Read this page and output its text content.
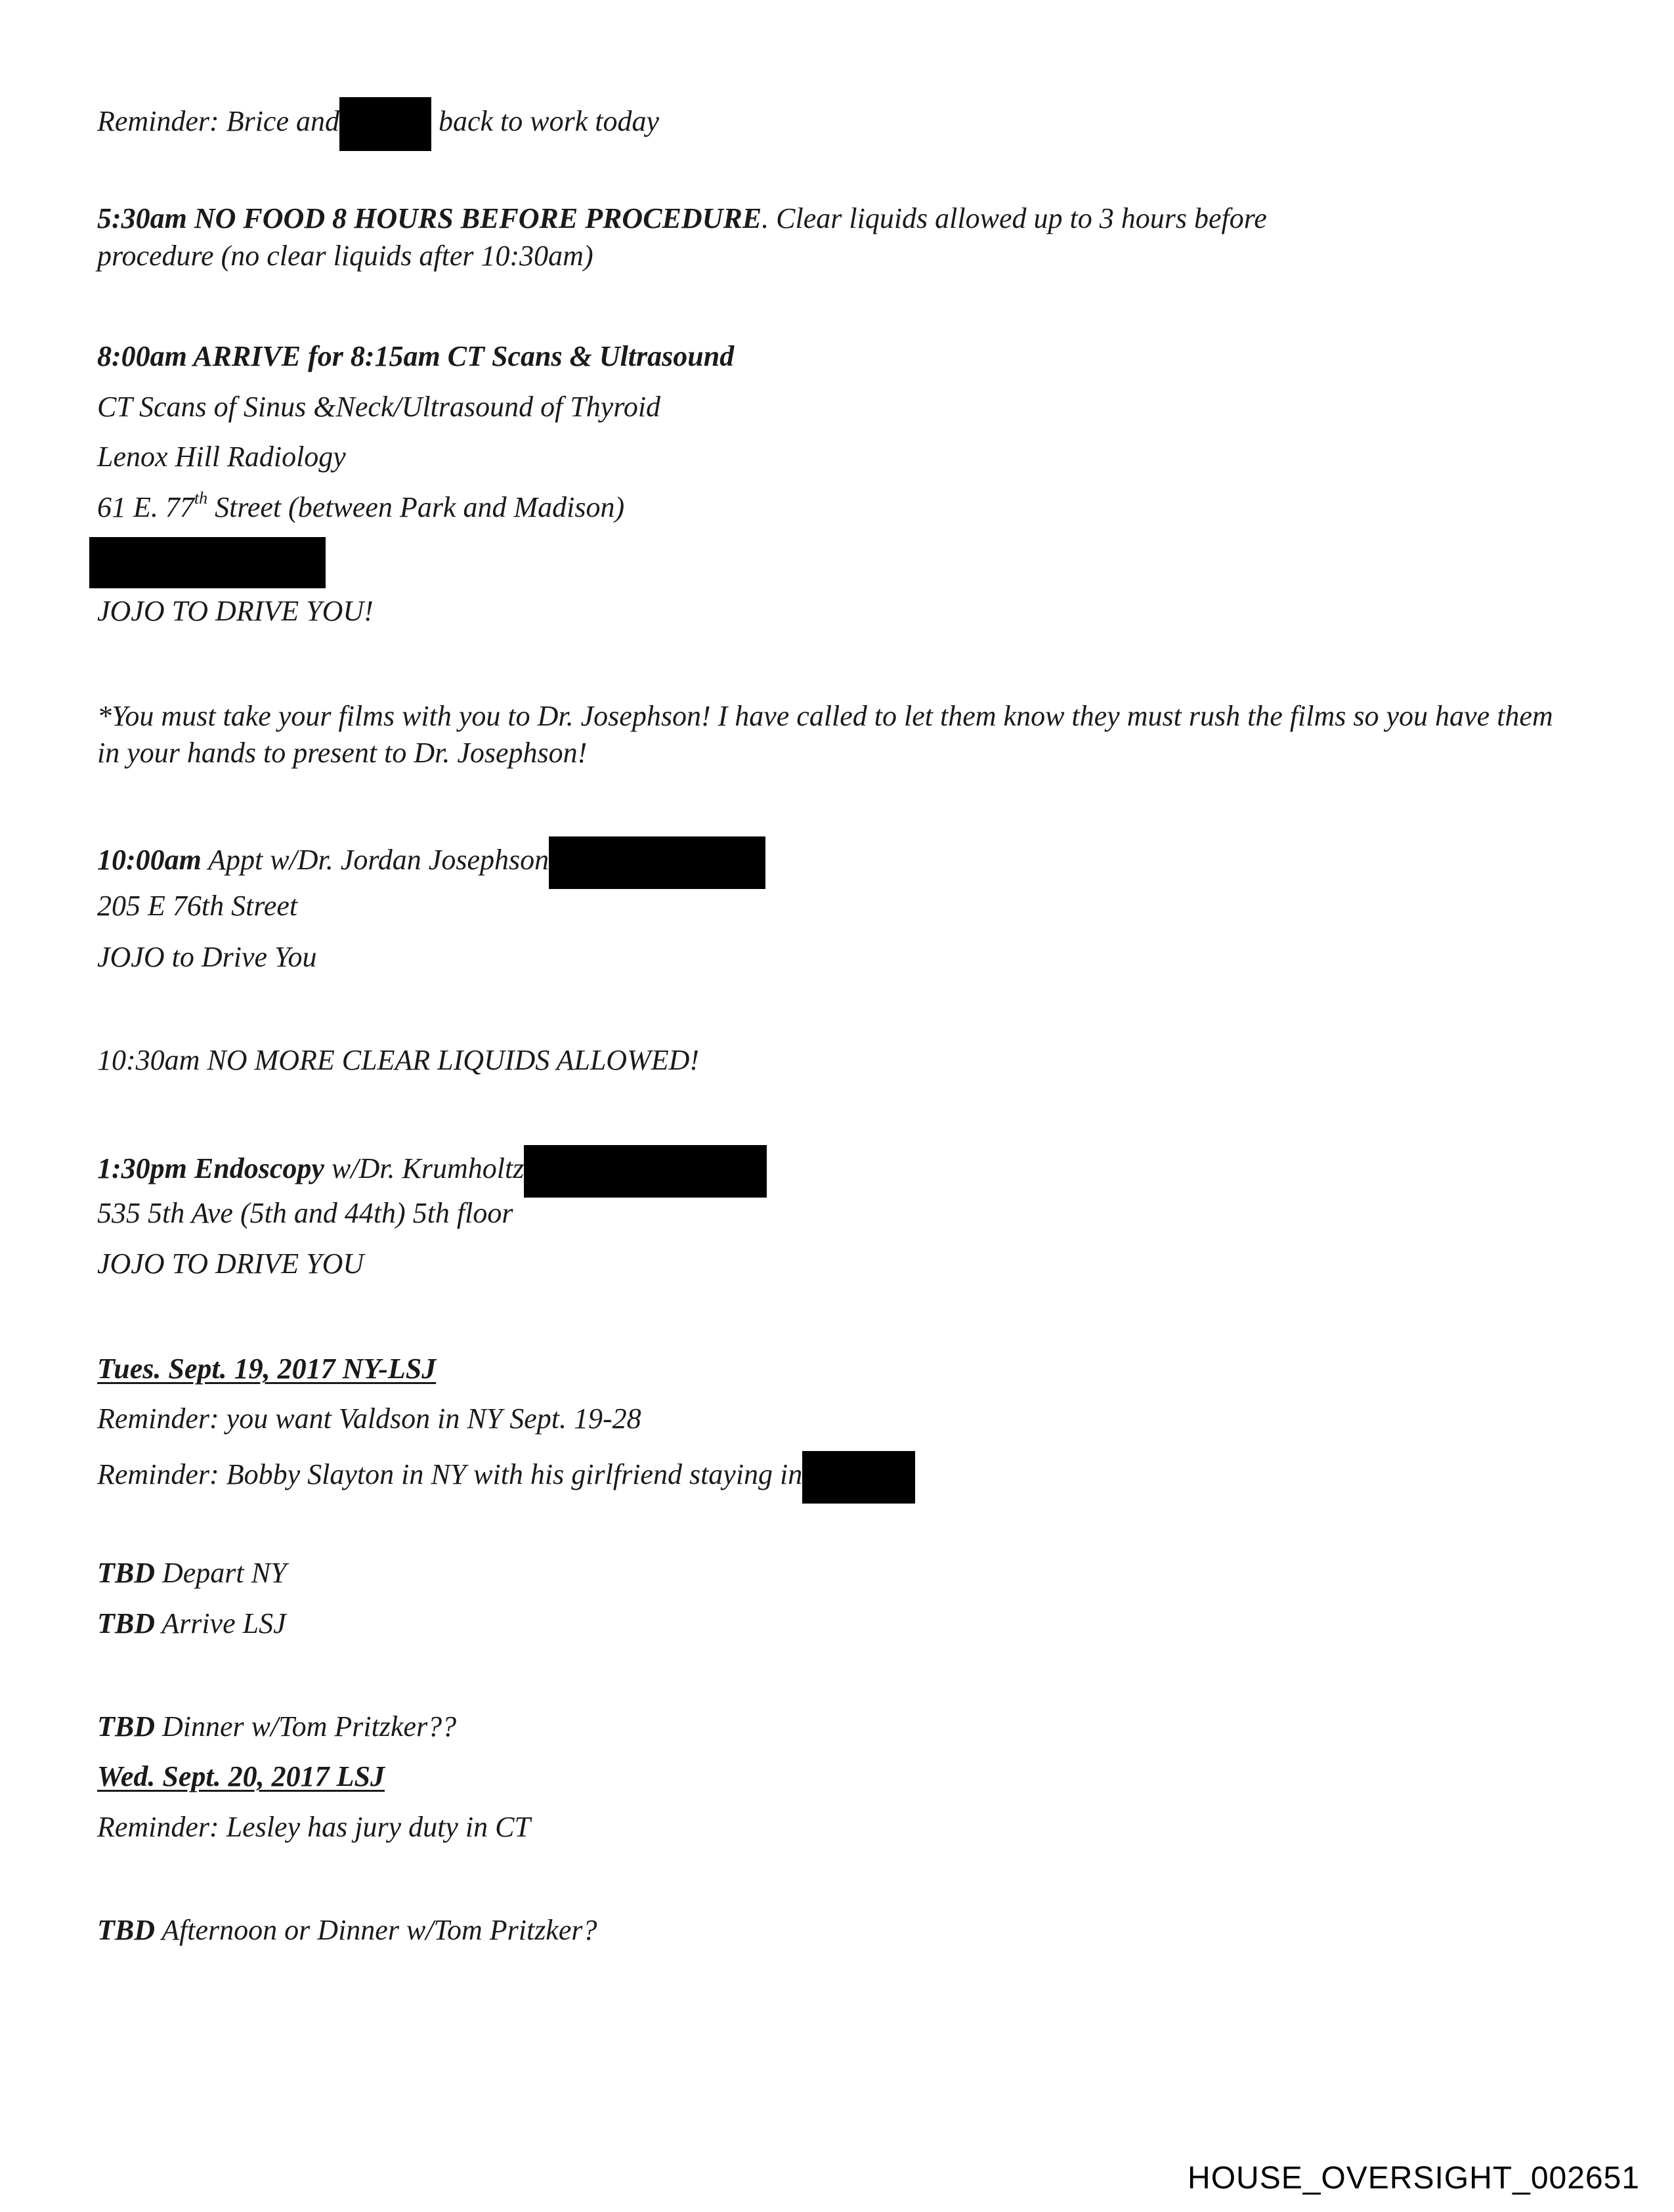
Reminder: Brice and	back to work today
5:30am NO FOOD 8 HOURS BEFORE PROCEDURE. Clear liquids allowed up to 3 hours before
procedure (no clear liquids after 10:30am)
8:00am ARRIVE for 8:15am CT Scans & Ultrasound
CT Scans of Sinus &Neck/Ultrasound of Thyroid
Lenox Hill Radiology
61 E. 77th Street (between Park and Madison)
JOJO TO DRIVE YOU!
*You must take your films with you to Dr. Josephson! I have called to let them know they must rush the films so you have them in your hands to present to Dr. Josephson!
10:00am Appt w/Dr. Jordan Josephson
205 E 76th Street
JOJO to Drive You
10:30am NO MORE CLEAR LIQUIDS ALLOWED!
1:30pm Endoscopy w/Dr. Krumholtz
535 5th Ave (5th and 44th) 5th floor
JOJO TO DRIVE YOU
Tues. Sept. 19, 2017 NY-LSJ
Reminder: you want Valdson in NY Sept. 19-28
Reminder: Bobby Slayton in NY with his girlfriend staying in
TBD Depart NY
TBD Arrive LSJ
TBD Dinner w/Tom Pritzker??
Wed. Sept. 20, 2017 LSJ
Reminder: Lesley has jury duty in CT
TBD Afternoon or Dinner w/Tom Pritzker?
HOUSE_OVERSIGHT_002651
